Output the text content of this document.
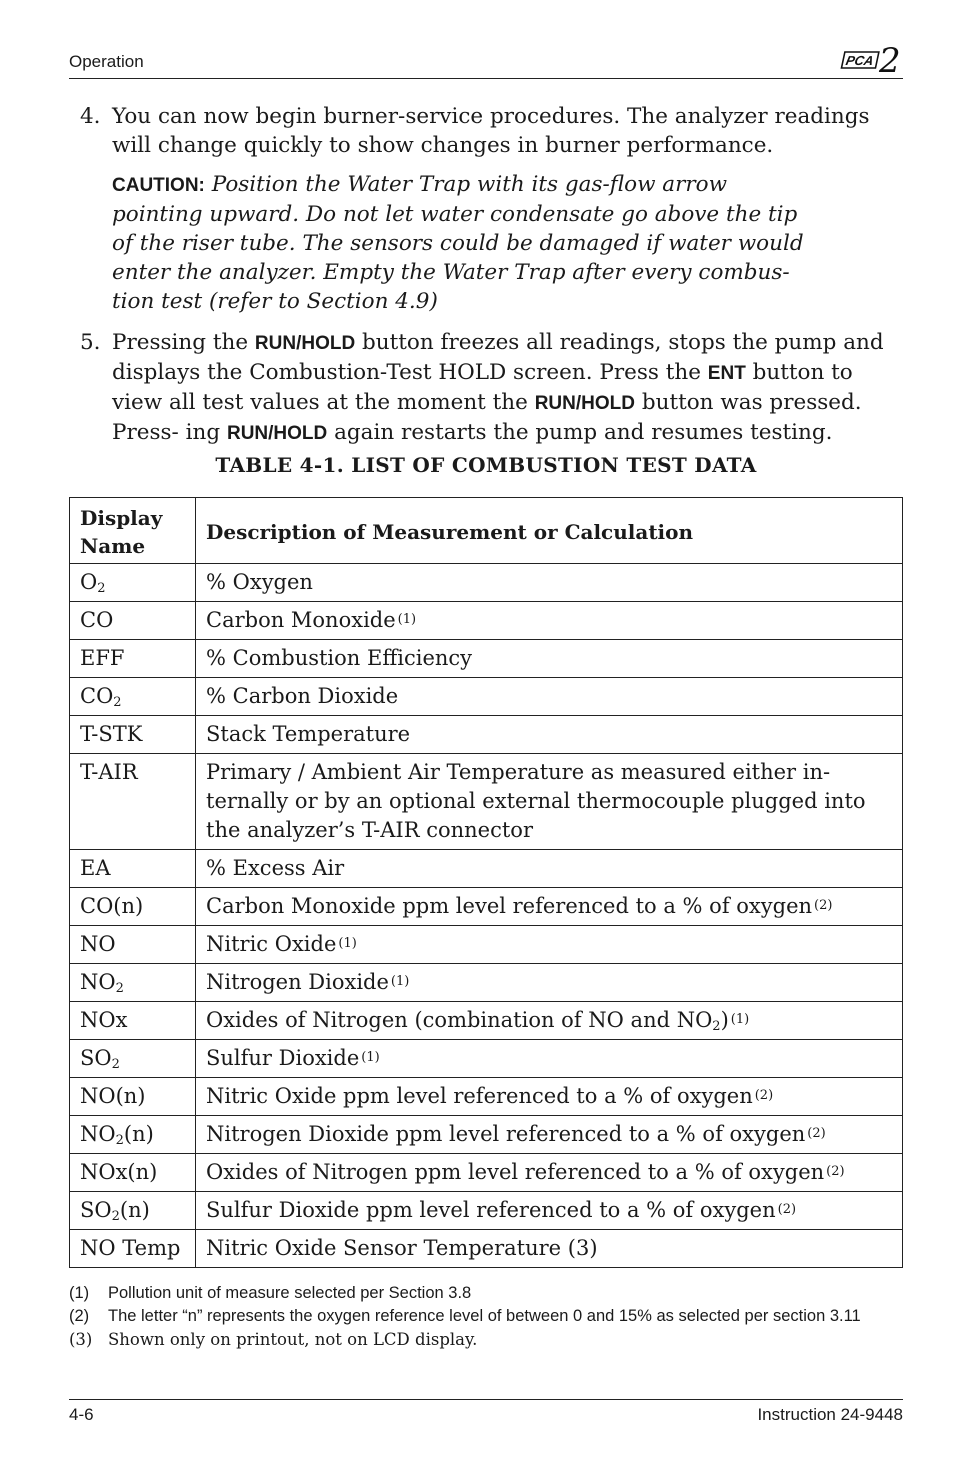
Operation	PCA 2
4. You can now begin burner-service procedures. The analyzer readings will change quickly to show changes in burner performance.
CAUTION: Position the Water Trap with its gas-flow arrow pointing upward. Do not let water condensate go above the tip of the riser tube. The sensors could be damaged if water would enter the analyzer. Empty the Water Trap after every combus- tion test (refer to Section 4.9)
5. Pressing the RUN/HOLD button freezes all readings, stops the pump and displays the Combustion-Test HOLD screen. Press the ENT button to view all test values at the moment the RUN/HOLD button was pressed. Press- ing RUN/HOLD again restarts the pump and resumes testing.
TABLE 4-1. LIST OF COMBUSTION TEST DATA
Display Name	Description of Measurement or Calculation
$O_2$	% Oxygen
CO	Carbon Monoxide (1)
EFF	% Combustion Efficiency
$CO_2$	% Carbon Dioxide
T-STK	Stack Temperature
T-AIR	Primary / Ambient Air Temperature as measured either in- ternally or by an optional external thermocouple plugged into the analyzer’s T-AIR connector
EA	% Excess Air
CO(n)	Carbon Monoxide ppm level referenced to a % of oxygen (2)
NO	Nitric Oxide (1)
$NO_2$	Nitrogen Dioxide (1)
NOx	Oxides of Nitrogen (combination of NO and $NO_2$) (1)
$SO_2$	Sulfur Dioxide (1)
NO(n)	Nitric Oxide ppm level referenced to a % of oxygen (2)
$NO_2(n)$	Nitrogen Dioxide ppm level referenced to a % of oxygen (2)
NOx(n)	Oxides of Nitrogen ppm level referenced to a % of oxygen (2)
$SO_2(n)$	Sulfur Dioxide ppm level referenced to a % of oxygen (2)
NO Temp	Nitric Oxide Sensor Temperature (3)
(1) Pollution unit of measure selected per Section 3.8
(2) The letter “n” represents the oxygen reference level of between 0 and 15% as selected per section 3.11
(3) Shown only on printout, not on LCD display.
4-6	Instruction 24-9448
